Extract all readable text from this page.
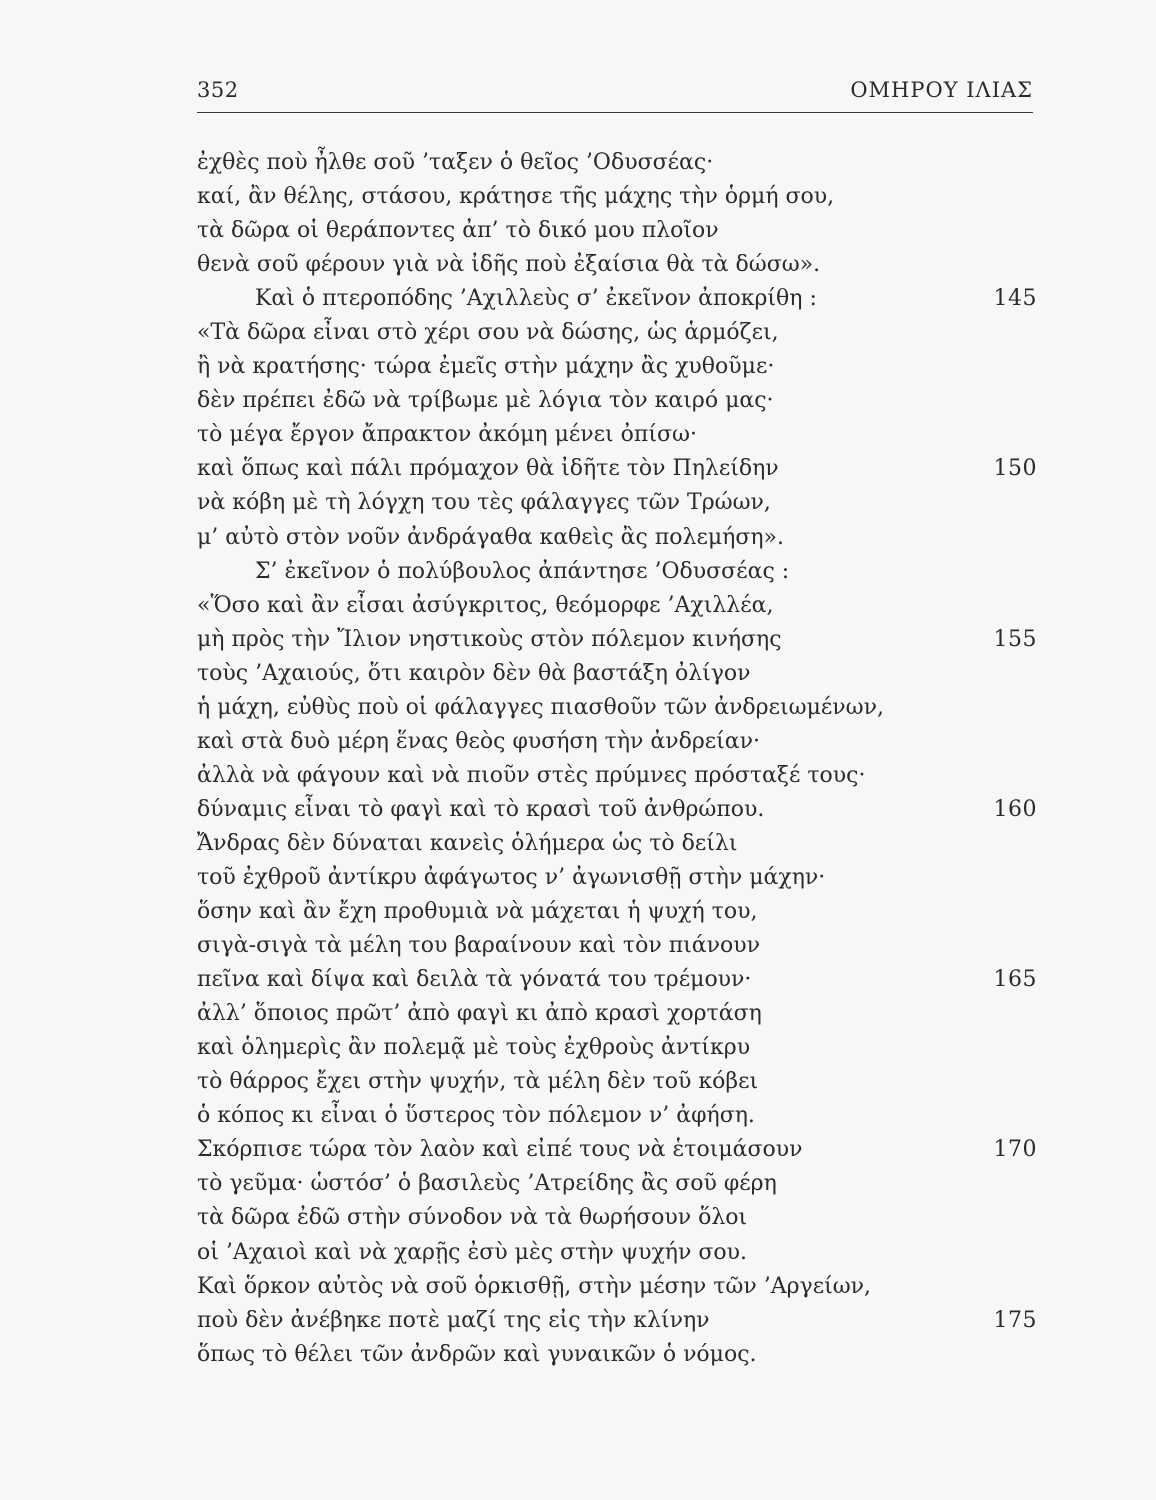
352	ΟΜΗΡΟΥ ΙΛΙΑΣ
ἐχθὲς ποὺ ἦλθε σοῦ ’ταξεν ὁ θεῖος ’Οδυσσέας·
καί, ἂν θέλης, στάσου, κράτησε τῆς μάχης τὴν ὁρμή σου,
τὰ δῶρα οἱ θεράποντες ἀπ’ τὸ δικό μου πλοῖον
θενὰ σοῦ φέρουν γιὰ νὰ ἰδῆς ποὺ ἐξαίσια θὰ τὰ δώσω».
Καὶ ὁ πτεροπόδης ’Αχιλλεὺς σ’ ἐκεῖνον ἀποκρίθη :	145
«Τὰ δῶρα εἶναι στὸ χέρι σου νὰ δώσης, ὡς ἁρμόζει,
ἢ νὰ κρατήσης· τώρα ἐμεῖς στὴν μάχην ἂς χυθοῦμε·
δὲν πρέπει ἐδῶ νὰ τρίβωμε μὲ λόγια τὸν καιρό μας·
τὸ μέγα ἔργον ἄπρακτον ἀκόμη μένει ὀπίσω·
καὶ ὅπως καὶ πάλι πρόμαχον θὰ ἰδῆτε τὸν Πηλείδην	150
νὰ κόβη μὲ τὴ λόγχη του τὲς φάλαγγες τῶν Τρώων,
μ’ αὐτὸ στὸν νοῦν ἀνδράγαθα καθεὶς ἂς πολεμήση».
Σ’ ἐκεῖνον ὁ πολύβουλος ἀπάντησε ’Οδυσσέας :
«Ὅσο καὶ ἂν εἶσαι ἀσύγκριτος, θεόμορφε ’Αχιλλέα,
μὴ πρὸς τὴν Ἴλιον νηστικοὺς στὸν πόλεμον κινήσης	155
τοὺς ’Αχαιούς, ὅτι καιρὸν δὲν θὰ βαστάξη ὀλίγον
ἡ μάχη, εὐθὺς ποὺ οἱ φάλαγγες πιασθοῦν τῶν ἀνδρειωμένων,
καὶ στὰ δυὸ μέρη ἕνας θεὸς φυσήση τὴν ἀνδρείαν·
ἀλλὰ νὰ φάγουν καὶ νὰ πιοῦν στὲς πρύμνες πρόσταξέ τους·
δύναμις εἶναι τὸ φαγὶ καὶ τὸ κρασὶ τοῦ ἀνθρώπου.	160
Ἄνδρας δὲν δύναται κανεὶς ὁλήμερα ὡς τὸ δείλι
τοῦ ἐχθροῦ ἀντίκρυ ἀφάγωτος ν’ ἀγωνισθῇ στὴν μάχην·
ὅσην καὶ ἂν ἔχη προθυμιὰ νὰ μάχεται ἡ ψυχή του,
σιγὰ-σιγὰ τὰ μέλη του βαραίνουν καὶ τὸν πιάνουν
πεῖνα καὶ δίψα καὶ δειλὰ τὰ γόνατά του τρέμουν·	165
ἀλλ’ ὅποιος πρῶτ’ ἀπὸ φαγὶ κι ἀπὸ κρασὶ χορτάση
καὶ ὁλημερὶς ἂν πολεμᾷ μὲ τοὺς ἐχθροὺς ἀντίκρυ
τὸ θάρρος ἔχει στὴν ψυχήν, τὰ μέλη δὲν τοῦ κόβει
ὁ κόπος κι εἶναι ὁ ὕστερος τὸν πόλεμον ν’ ἀφήση.
Σκόρπισε τώρα τὸν λαὸν καὶ εἰπέ τους νὰ ἑτοιμάσουν	170
τὸ γεῦμα· ὡστόσ’ ὁ βασιλεὺς ’Ατρείδης ἂς σοῦ φέρη
τὰ δῶρα ἐδῶ στὴν σύνοδον νὰ τὰ θωρήσουν ὅλοι
οἱ ’Αχαιοὶ καὶ νὰ χαρῇς ἐσὺ μὲς στὴν ψυχήν σου.
Καὶ ὅρκον αὐτὸς νὰ σοῦ ὁρκισθῇ, στὴν μέσην τῶν ’Αργείων,
ποὺ δὲν ἀνέβηκε ποτὲ μαζί της εἰς τὴν κλίνην	175
ὅπως τὸ θέλει τῶν ἀνδρῶν καὶ γυναικῶν ὁ νόμος.
